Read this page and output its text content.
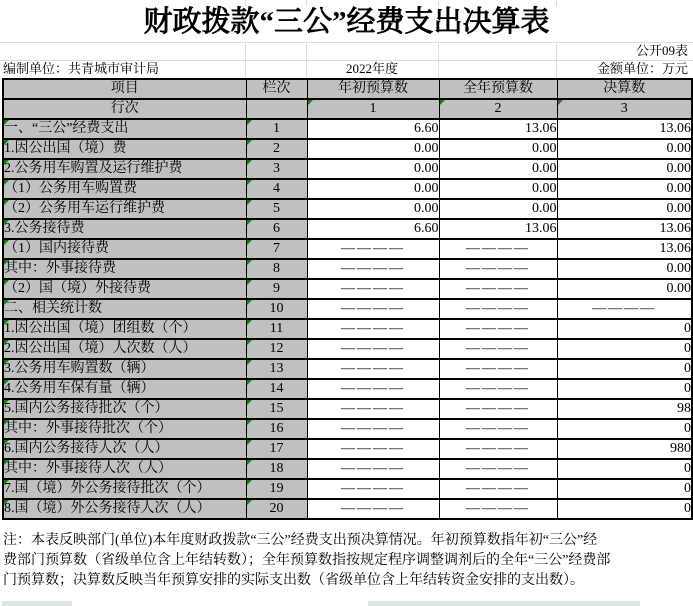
财政拨款“三公”经费支出决算表
公开09表
编制单位：共青城市审计局	2022年度	金额单位：万元
项目	栏次	年初预算数	全年预算数	决算数
行次		1	2	3

一、“三公”经费支出	1	6.60	13.06	13.06

1.因公出国（境）费	2	0.00	0.00	0.00

2.公务用车购置及运行维护费	3	0.00	0.00	0.00

（1）公务用车购置费	4	0.00	0.00	0.00

（2）公务用车运行维护费	5	0.00	0.00	0.00

3.公务接待费	6	6.60	13.06	13.06

（1）国内接待费	7	————	————	13.06

其中：外事接待费	8	————	————	0.00

（2）国（境）外接待费	9	————	————	0.00

二、相关统计数	10	————	————	————

1.因公出国（境）团组数（个）	11	————	————	0

2.因公出国（境）人次数（人）	12	————	————	0

3.公务用车购置数（辆）	13	————	————	0

4.公务用车保有量（辆）	14	————	————	0

5.国内公务接待批次（个）	15	————	————	98

其中：外事接待批次（个）	16	————	————	0

6.国内公务接待人次（人）	17	————	————	980

其中：外事接待人次（人）	18	————	————	0

7.国（境）外公务接待批次（个）	19	————	————	0

8.国（境）外公务接待人次（人）	20	————	————	0
注：本表反映部门(单位)本年度财政拨款“三公”经费支出预决算情况。年初预算数指年初“三公”经
费部门预算数（省级单位含上年结转数）；全年预算数指按规定程序调整调剂后的全年“三公”经费部
门预算数；决算数反映当年预算安排的实际支出数（省级单位含上年结转资金安排的支出数）。
